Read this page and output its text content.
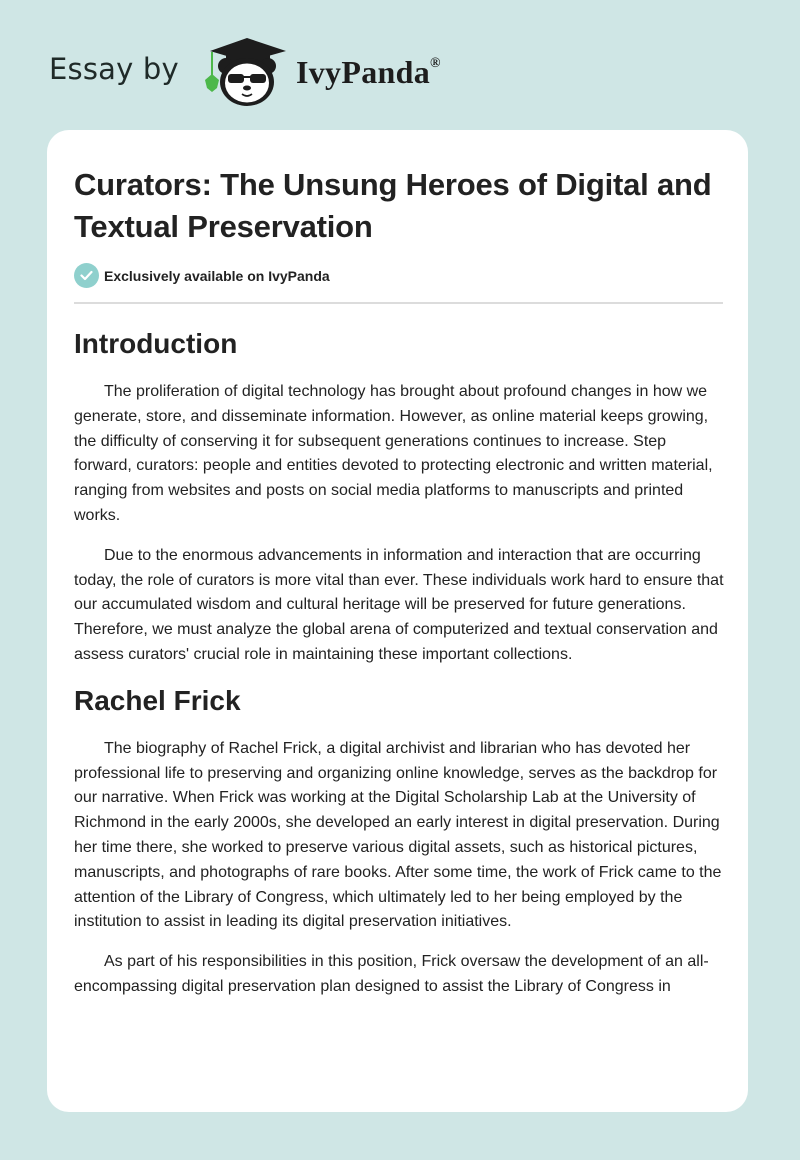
Essay by	IvyPanda®
Curators: The Unsung Heroes of Digital and Textual Preservation
Exclusively available on IvyPanda
Introduction

The proliferation of digital technology has brought about profound changes in how we generate, store, and disseminate information. However, as online material keeps growing, the difficulty of conserving it for subsequent generations continues to increase. Step forward, curators: people and entities devoted to protecting electronic and written material, ranging from websites and posts on social media platforms to manuscripts and printed works.

Due to the enormous advancements in information and interaction that are occurring today, the role of curators is more vital than ever. These individuals work hard to ensure that our accumulated wisdom and cultural heritage will be preserved for future generations. Therefore, we must analyze the global arena of computerized and textual conservation and assess curators' crucial role in maintaining these important collections.

Rachel Frick

The biography of Rachel Frick, a digital archivist and librarian who has devoted her professional life to preserving and organizing online knowledge, serves as the backdrop for our narrative. When Frick was working at the Digital Scholarship Lab at the University of Richmond in the early 2000s, she developed an early interest in digital preservation. During her time there, she worked to preserve various digital assets, such as historical pictures, manuscripts, and photographs of rare books. After some time, the work of Frick came to the attention of the Library of Congress, which ultimately led to her being employed by the institution to assist in leading its digital preservation initiatives.

As part of his responsibilities in this position, Frick oversaw the development of an all-encompassing digital preservation plan designed to assist the Library of Congress in
